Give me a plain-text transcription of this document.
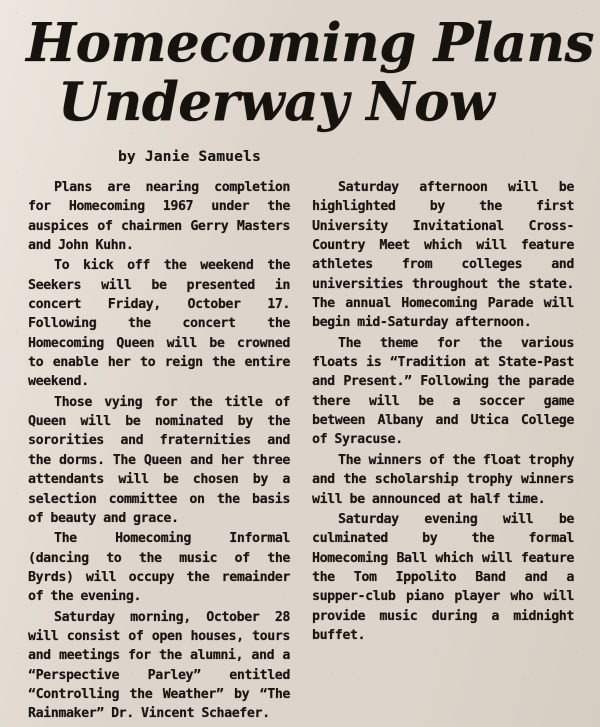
Homecoming Plans
Underway Now
by Janie Samuels

Plans are nearing completion for Homecoming 1967 under the auspices of chairmen Gerry Masters and John Kuhn.

To kick off the weekend the Seekers will be presented in concert Friday, October 17. Following the concert the Homecoming Queen will be crowned to enable her to reign the entire weekend.

Those vying for the title of Queen will be nominated by the sororities and fraternities and the dorms. The Queen and her three attendants will be chosen by a selection committee on the basis of beauty and grace.

The Homecoming Informal (dancing to the music of the Byrds) will occupy the remainder of the evening.

Saturday morning, October 28 will consist of open houses, tours and meetings for the alumni, and a “Perspective Parley” entitled “Controlling the Weather” by “The Rainmaker” Dr. Vincent Schaefer.

Saturday afternoon will be highlighted by the first University Invitational Cross-Country Meet which will feature athletes from colleges and universities throughout the state. The annual Homecoming Parade will begin mid-Saturday afternoon.

The theme for the various floats is “Tradition at State-Past and Present.” Following the parade there will be a soccer game between Albany and Utica College of Syracuse.

The winners of the float trophy and the scholarship trophy winners will be announced at half time.

Saturday evening will be culminated by the formal Homecoming Ball which will feature the Tom Ippolito Band and a supper-club piano player who will provide music during a midnight buffet.
